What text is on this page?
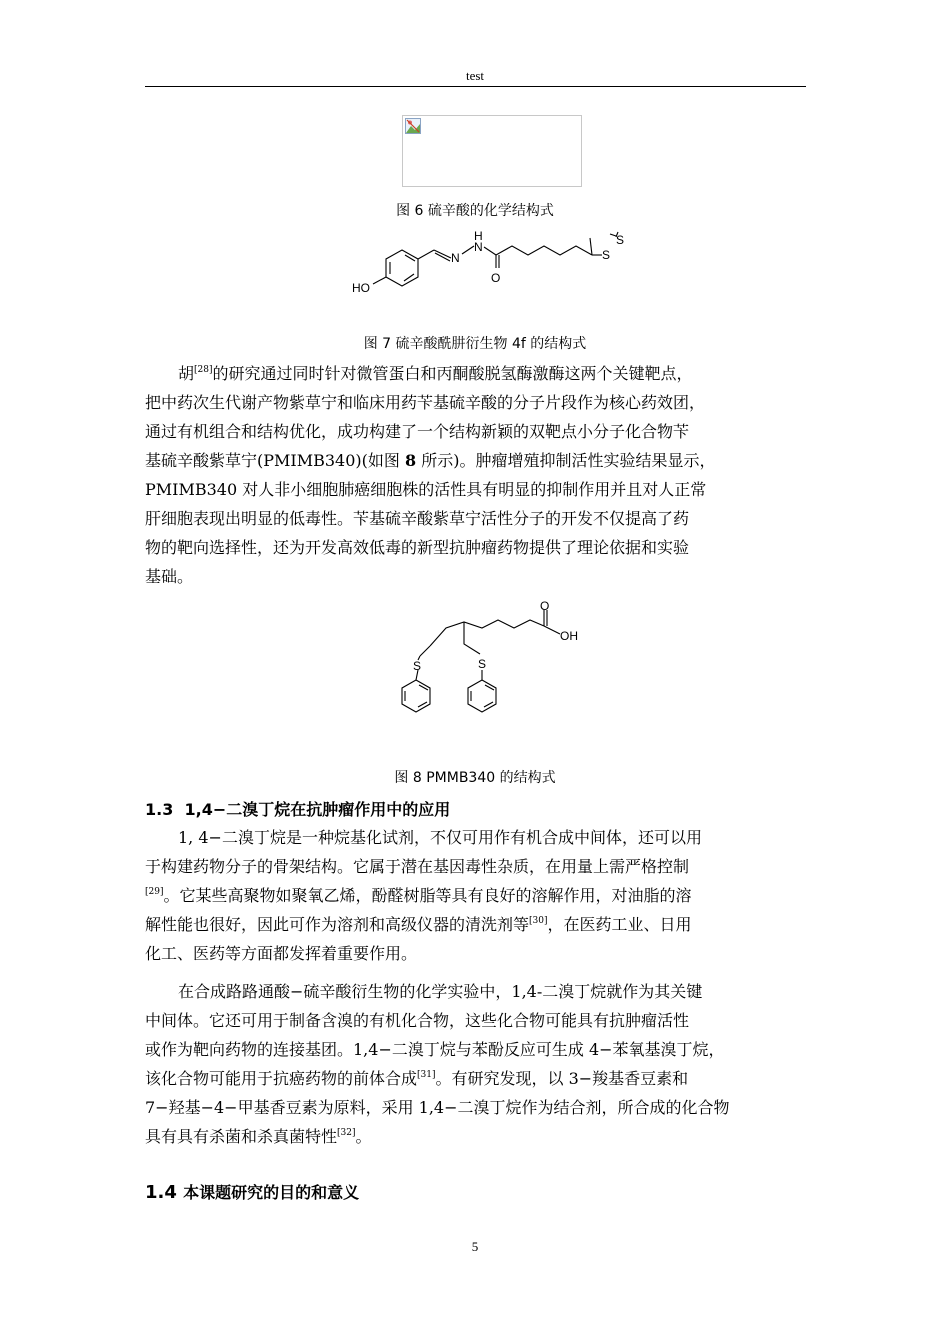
test
图 6 硫辛酸的化学结构式
HO
N
H
N
O
S
S
图 7 硫辛酸酰肼衍生物 4f 的结构式
胡[28]的研究通过同时针对微管蛋白和丙酮酸脱氢酶激酶这两个关键靶点，
把中药次生代谢产物紫草宁和临床用药苄基硫辛酸的分子片段作为核心药效团，
通过有机组合和结构优化，成功构建了一个结构新颖的双靶点小分子化合物苄
基硫辛酸紫草宁(PMIMB340)(如图 8 所示)。肿瘤增殖抑制活性实验结果显示，
PMIMB340 对人非小细胞肺癌细胞株的活性具有明显的抑制作用并且对人正常
肝细胞表现出明显的低毒性。苄基硫辛酸紫草宁活性分子的开发不仅提高了药
物的靶向选择性，还为开发高效低毒的新型抗肿瘤药物提供了理论依据和实验
基础。
O
OH
S	S
图 8 PMMB340 的结构式
1.3 1,4−二溴丁烷在抗肿瘤作用中的应用
1, 4−二溴丁烷是一种烷基化试剂，不仅可用作有机合成中间体，还可以用
于构建药物分子的骨架结构。它属于潜在基因毒性杂质，在用量上需严格控制
[29]。它某些高聚物如聚氧乙烯，酚醛树脂等具有良好的溶解作用，对油脂的溶
解性能也很好，因此可作为溶剂和高级仪器的清洗剂等[30]，在医药工业、日用
化工、医药等方面都发挥着重要作用。
在合成路路通酸−硫辛酸衍生物的化学实验中，1,4-二溴丁烷就作为其关键
中间体。它还可用于制备含溴的有机化合物，这些化合物可能具有抗肿瘤活性
或作为靶向药物的连接基团。1,4−二溴丁烷与苯酚反应可生成 4−苯氧基溴丁烷，
该化合物可能用于抗癌药物的前体合成[31]。有研究发现，以 3−羧基香豆素和
7−羟基−4−甲基香豆素为原料，采用 1,4−二溴丁烷作为结合剂，所合成的化合物
具有具有杀菌和杀真菌特性[32]。
1.4 本课题研究的目的和意义
5
